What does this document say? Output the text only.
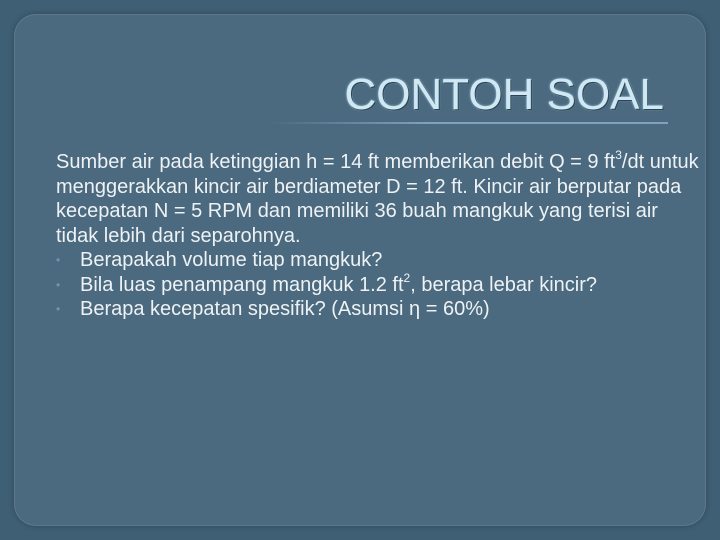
CONTOH SOAL

Sumber air pada ketinggian h = 14 ft memberikan debit Q = 9 $ft^3/dt$ untuk menggerakkan kincir air berdiameter D = 12 ft. Kincir air berputar pada kecepatan N = 5 RPM dan memiliki 36 buah mangkuk yang terisi air tidak lebih dari separohnya.

• Berapakah volume tiap mangkuk?
• Bila luas penampang mangkuk 1.2 $ft^2$, berapa lebar kincir?
• Berapa kecepatan spesifik? (Asumsi η = 60%)
